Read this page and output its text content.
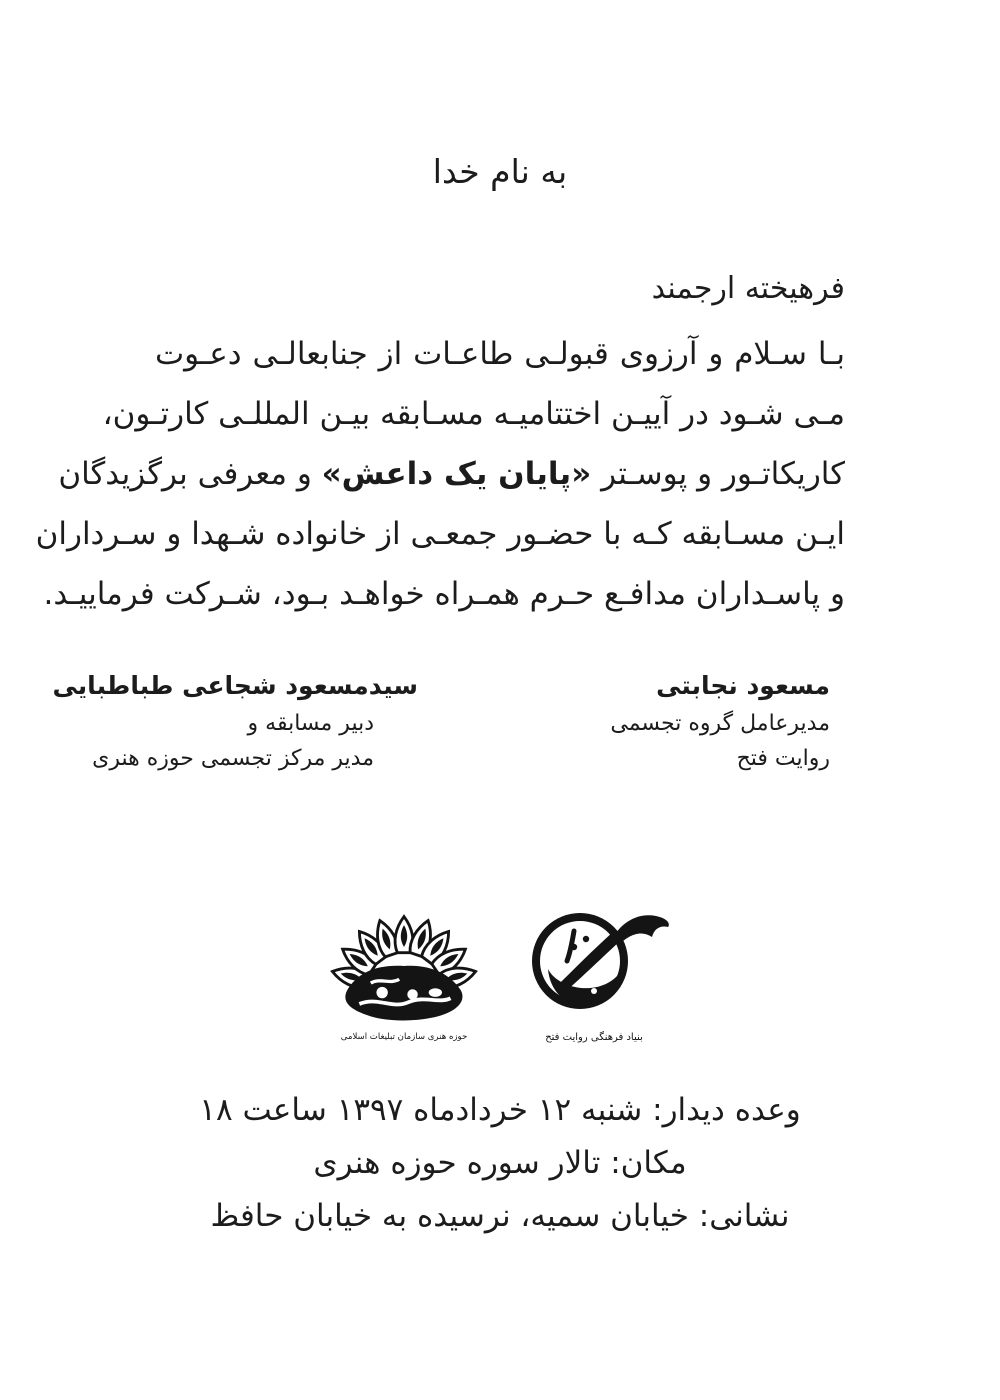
به نام خدا
فرهیخته ارجمند
بـا سـلام و آرزوی قبولـی طاعـات از جنابعالـی دعـوت
مـی شـود در آییـن اختتامیـه مسـابقه بیـن المللـی کارتـون،
کاریکاتـور و پوسـتر «پایان یک داعش» و معرفی برگزیدگان
ایـن مسـابقه کـه با حضـور جمعـی از خانواده شـهدا و سـرداران
و پاسـداران مدافـع حـرم همـراه خواهـد بـود، شـرکت فرماییـد.
مسعود نجابتی
مدیرعامل گروه تجسمی
روایت فتح
سیدمسعود شجاعی طباطبایی
دبیر مسابقه و
مدیر مرکز تجسمی حوزه هنری
حوزه هنری سازمان تبلیغات اسلامی	بنیاد فرهنگی روایت فتح
وعده دیدار: شنبه ۱۲ خردادماه ۱۳۹۷ ساعت ۱۸
مکان: تالار سوره حوزه هنری
نشانی: خیابان سمیه، نرسیده به خیابان حافظ
